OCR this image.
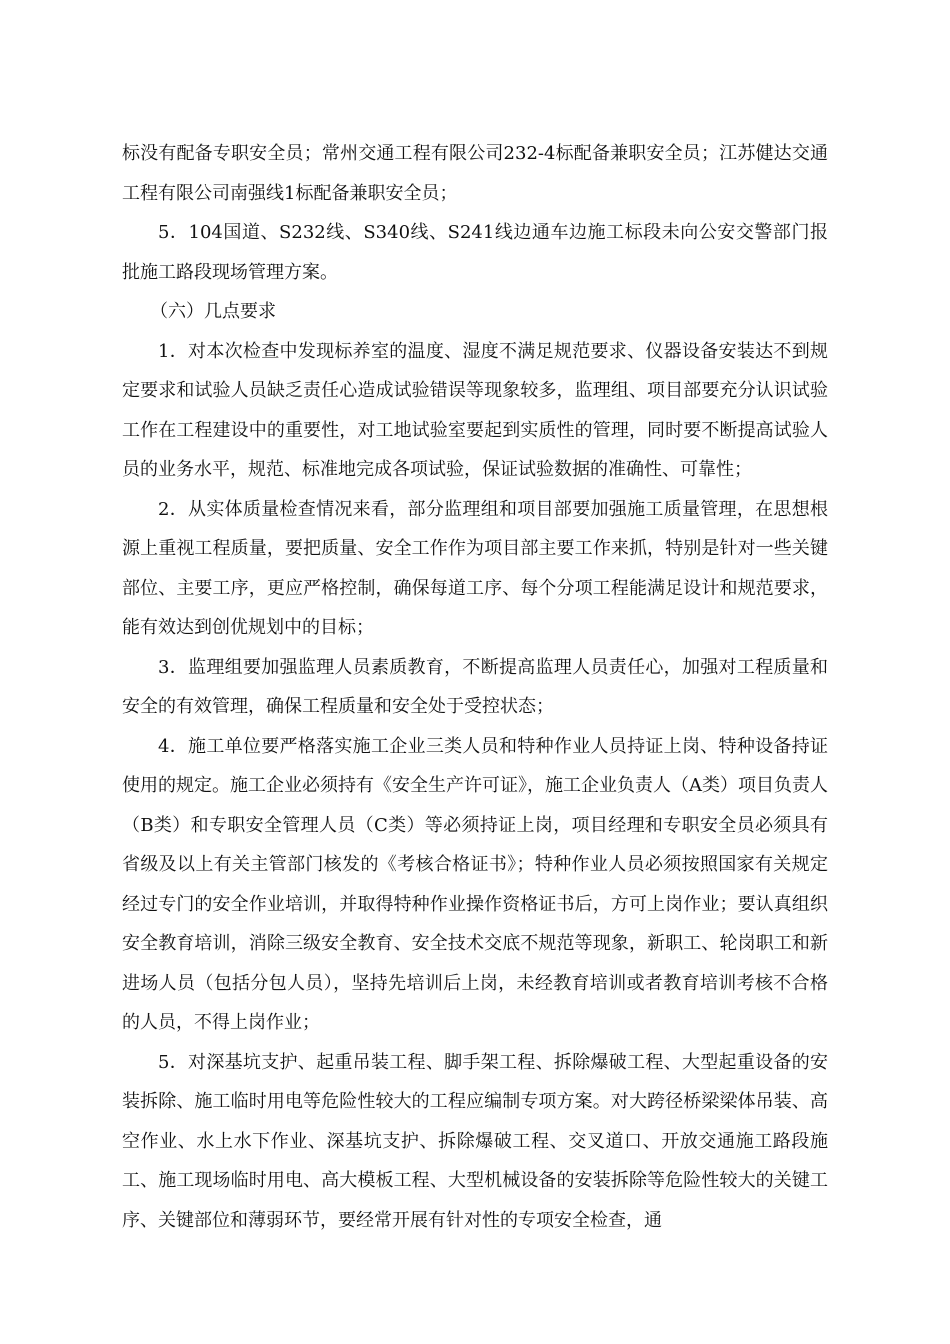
标没有配备专职安全员；常州交通工程有限公司232-4标配备兼职安全员；江苏健达交通工程有限公司南强线1标配备兼职安全员；

5．104国道、S232线、S340线、S241线边通车边施工标段未向公安交警部门报批施工路段现场管理方案。

（六）几点要求

1．对本次检查中发现标养室的温度、湿度不满足规范要求、仪器设备安装达不到规定要求和试验人员缺乏责任心造成试验错误等现象较多，监理组、项目部要充分认识试验工作在工程建设中的重要性，对工地试验室要起到实质性的管理，同时要不断提高试验人员的业务水平，规范、标准地完成各项试验，保证试验数据的准确性、可靠性；

2．从实体质量检查情况来看，部分监理组和项目部要加强施工质量管理，在思想根源上重视工程质量，要把质量、安全工作作为项目部主要工作来抓，特别是针对一些关键部位、主要工序，更应严格控制，确保每道工序、每个分项工程能满足设计和规范要求，能有效达到创优规划中的目标；

3．监理组要加强监理人员素质教育，不断提高监理人员责任心，加强对工程质量和安全的有效管理，确保工程质量和安全处于受控状态；

4．施工单位要严格落实施工企业三类人员和特种作业人员持证上岗、特种设备持证使用的规定。施工企业必须持有《安全生产许可证》，施工企业负责人（A类）项目负责人（B类）和专职安全管理人员（C类）等必须持证上岗，项目经理和专职安全员必须具有省级及以上有关主管部门核发的《考核合格证书》；特种作业人员必须按照国家有关规定经过专门的安全作业培训，并取得特种作业操作资格证书后，方可上岗作业；要认真组织安全教育培训，消除三级安全教育、安全技术交底不规范等现象，新职工、轮岗职工和新进场人员（包括分包人员），坚持先培训后上岗，未经教育培训或者教育培训考核不合格的人员，不得上岗作业；

5．对深基坑支护、起重吊装工程、脚手架工程、拆除爆破工程、大型起重设备的安装拆除、施工临时用电等危险性较大的工程应编制专项方案。对大跨径桥梁梁体吊装、高空作业、水上水下作业、深基坑支护、拆除爆破工程、交叉道口、开放交通施工路段施工、施工现场临时用电、高大模板工程、大型机械设备的安装拆除等危险性较大的关键工序、关键部位和薄弱环节，要经常开展有针对性的专项安全检查，通
